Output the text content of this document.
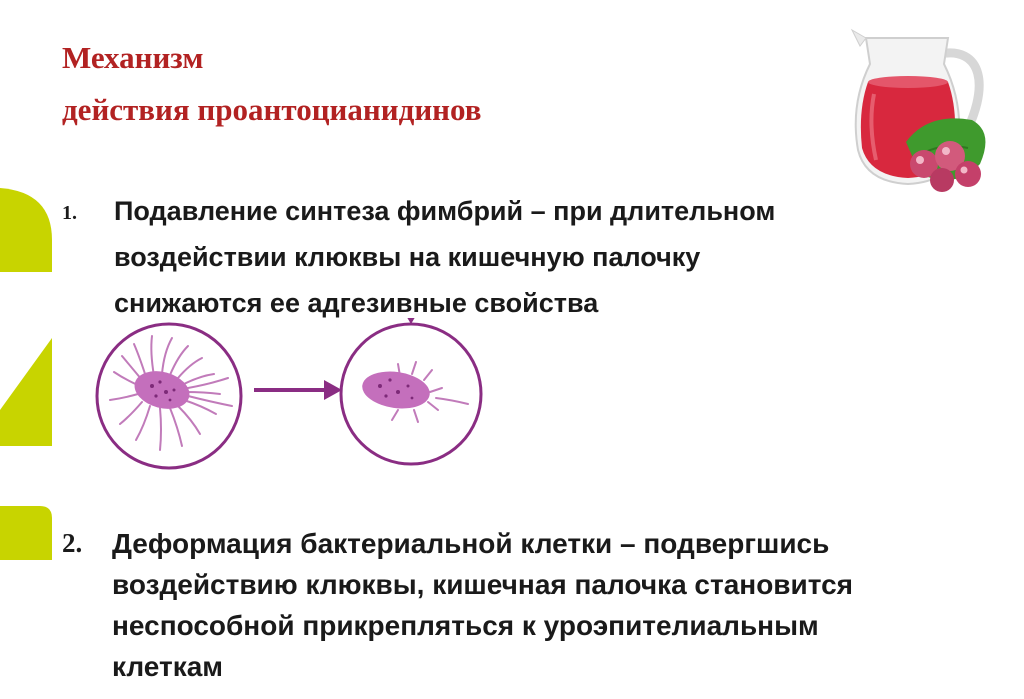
Механизм
действия проантоцианидинов
1. Подавление синтеза фимбрий – при длительном
воздействии клюквы на кишечную палочку
снижаются ее адгезивные свойства
2. Деформация бактериальной клетки – подвергшись
воздействию клюквы, кишечная палочка становится
неспособной прикрепляться к уроэпителиальным
клеткам
